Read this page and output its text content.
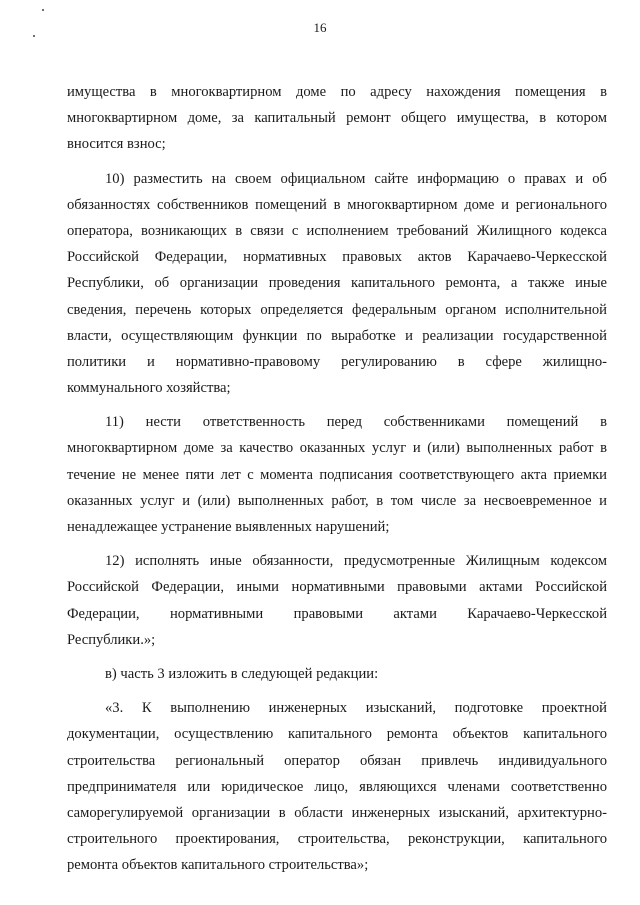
16
имущества в многоквартирном доме по адресу нахождения помещения в
многоквартирном доме, за капитальный ремонт общего имущества, в котором
вносится взнос;
10) разместить на своем официальном сайте информацию о правах и об
обязанностях собственников помещений в многоквартирном доме и регионального
оператора, возникающих в связи с исполнением требований Жилищного кодекса
Российской Федерации, нормативных правовых актов Карачаево-Черкесской
Республики, об организации проведения капитального ремонта, а также иные
сведения, перечень которых определяется федеральным органом исполнительной
власти, осуществляющим функции по выработке и реализации государственной
политики и нормативно-правовому регулированию в сфере жилищно-
коммунального хозяйства;
11) нести ответственность перед собственниками помещений в
многоквартирном доме за качество оказанных услуг и (или) выполненных работ в
течение не менее пяти лет с момента подписания соответствующего акта приемки
оказанных услуг и (или) выполненных работ, в том числе за несвоевременное и
ненадлежащее устранение выявленных нарушений;
12) исполнять иные обязанности, предусмотренные Жилищным кодексом
Российской Федерации, иными нормативными правовыми актами Российской
Федерации, нормативными правовыми актами Карачаево-Черкесской
Республики.»;
в) часть 3 изложить в следующей редакции:
«3. К выполнению инженерных изысканий, подготовке проектной
документации, осуществлению капитального ремонта объектов капитального
строительства региональный оператор обязан привлечь индивидуального
предпринимателя или юридическое лицо, являющихся членами соответственно
саморегулируемой организации в области инженерных изысканий, архитектурно-
строительного проектирования, строительства, реконструкции, капитального
ремонта объектов капитального строительства»;
